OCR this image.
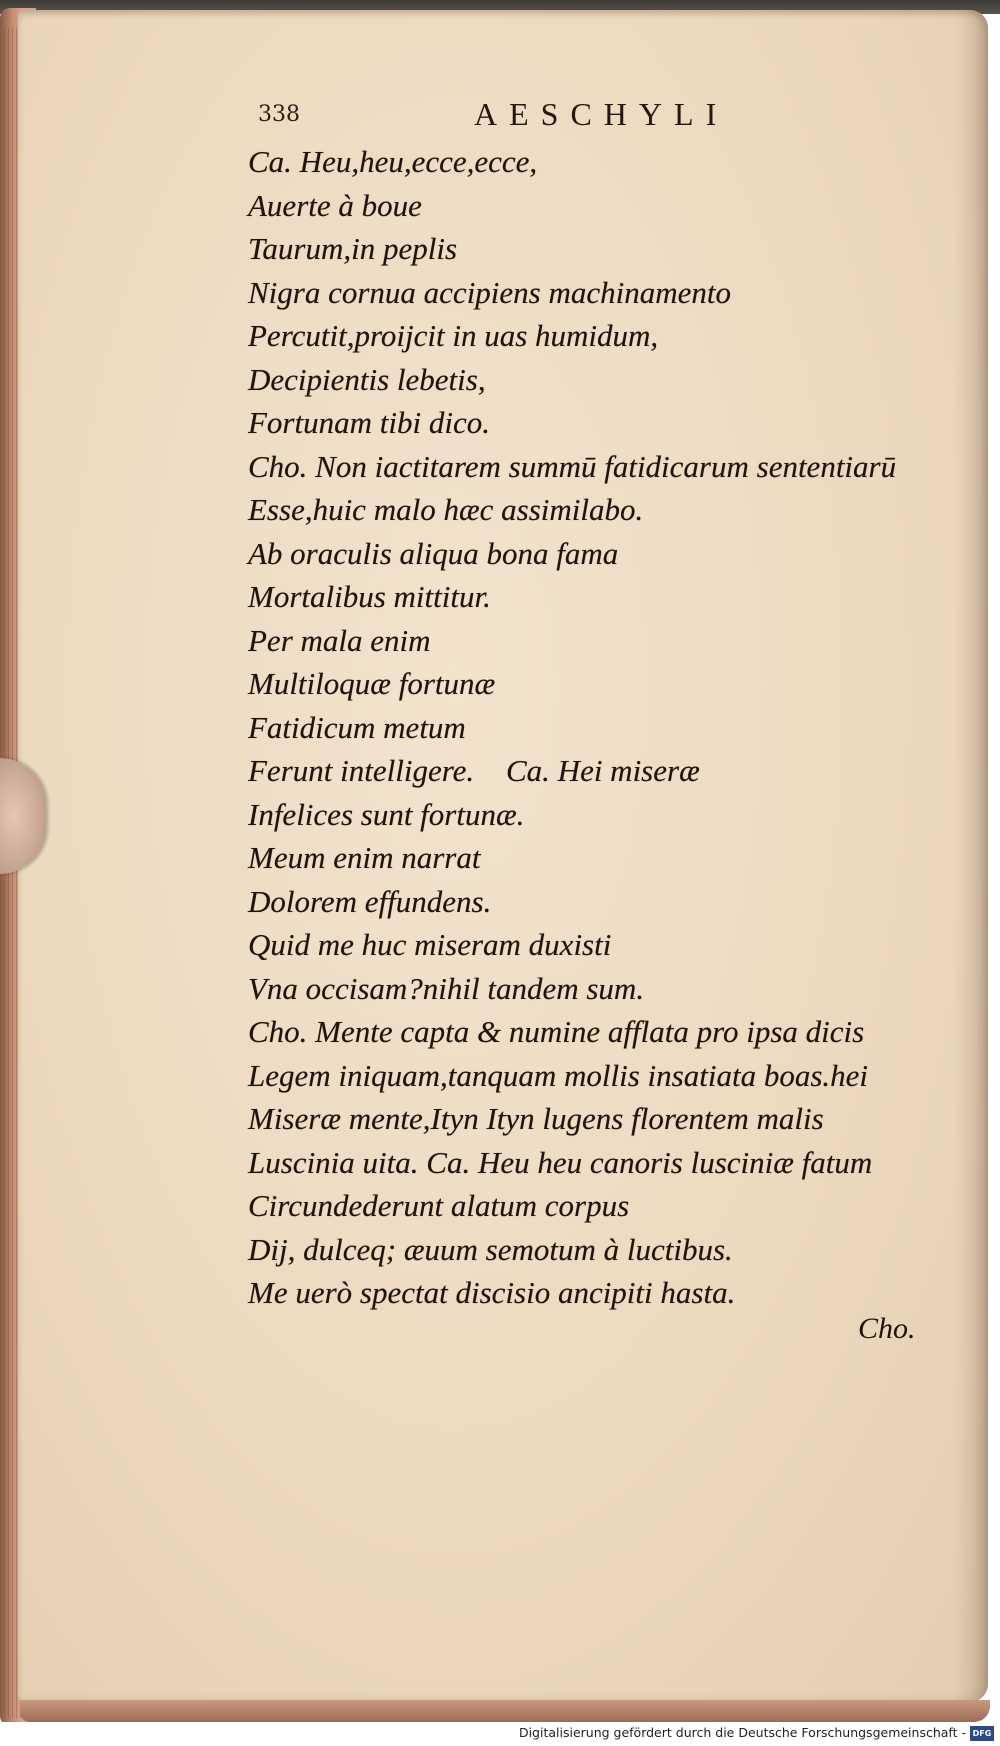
338	AESCHYLI
Ca. Heu,heu,ecce,ecce,
Auerte à boue
Taurum,in peplis
Nigra cornua accipiens machinamento
Percutit,proijcit in uas humidum,
Decipientis lebetis,
Fortunam tibi dico.
Cho. Non iactitarem summū fatidicarum sententiarū
Esse,huic malo hæc assimilabo.
Ab oraculis aliqua bona fama
Mortalibus mittitur.
Per mala enim
Multiloquæ fortunæ
Fatidicum metum
Ferunt intelligere. Ca. Hei miseræ
Infelices sunt fortunæ.
Meum enim narrat
Dolorem effundens.
Quid me huc miseram duxisti
Vna occisam?nihil tandem sum.
Cho. Mente capta & numine afflata pro ipsa dicis
Legem iniquam,tanquam mollis insatiata boas.hei
Miseræ mente,Ityn Ityn lugens florentem malis
Luscinia uita. Ca. Heu heu canoris lusciniæ fatum
Circundederunt alatum corpus
Dij, dulceq; æuum semotum à luctibus.
Me uerò spectat discisio ancipiti hasta.
Cho.
Digitalisierung gefördert durch die Deutsche Forschungsgemeinschaft - DFG
